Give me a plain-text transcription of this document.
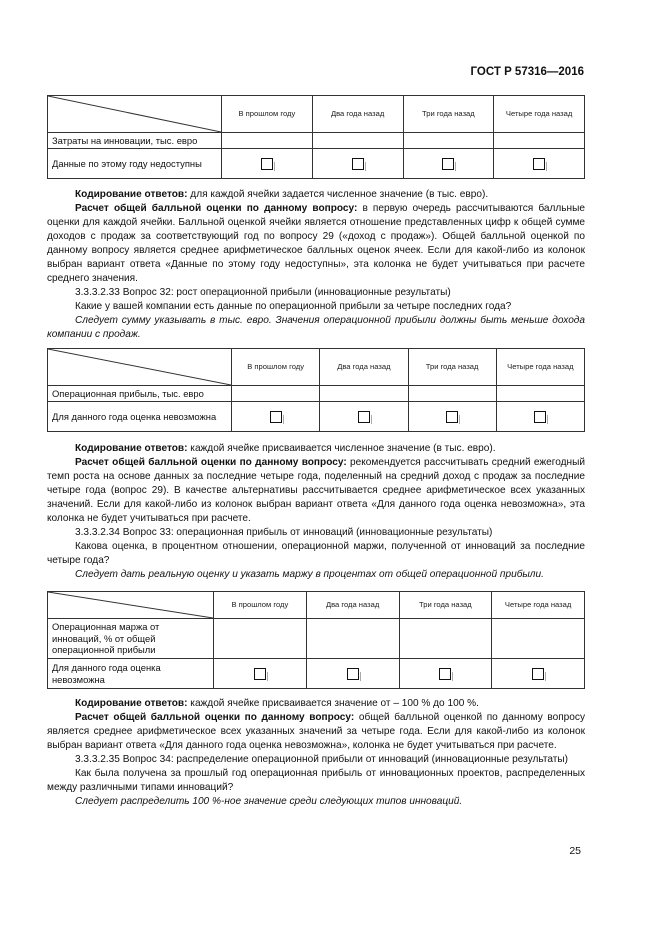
ГОСТ Р 57316—2016
	В прошлом году	Два года назад	Три года назад	Четыре года назад
Затраты на инновации, тыс. евро				
Данные по этому году недоступны				

Кодирование ответов: для каждой ячейки задается численное значение (в тыс. евро).

Расчет общей балльной оценки по данному вопросу: в первую очередь рассчитываются балльные оценки для каждой ячейки. Балльной оценкой ячейки является отношение представленных цифр к общей сумме доходов с продаж за соответствующий год по вопросу 29 («доход с продаж»). Общей балльной оценкой по данному вопросу является среднее арифметическое балльных оценок ячеек. Если для какой-либо из колонок выбран вариант ответа «Данные по этому году недоступны», эта колонка не будет учитываться при расчете среднего значения.

3.3.3.2.33 Вопрос 32: рост операционной прибыли (инновационные результаты)

Какие у вашей компании есть данные по операционной прибыли за четыре последних года?

Следует сумму указывать в тыс. евро. Значения операционной прибыли должны быть меньше дохода компании с продаж.

	В прошлом году	Два года назад	Три года назад	Четыре года назад
Операционная прибыль, тыс. евро				
Для данного года оценка невозможна				

Кодирование ответов: каждой ячейке присваивается численное значение (в тыс. евро).

Расчет общей балльной оценки по данному вопросу: рекомендуется рассчитывать средний ежегодный темп роста на основе данных за последние четыре года, поделенный на средний доход с продаж за последние четыре года (вопрос 29). В качестве альтернативы рассчитывается среднее арифметическое всех указанных значений. Если для какой-либо из колонок выбран вариант ответа «Для данного года оценка невозможна», эта колонка не будет учитываться при расчете.

3.3.3.2.34 Вопрос 33: операционная прибыль от инноваций (инновационные результаты)

Какова оценка, в процентном отношении, операционной маржи, полученной от инноваций за последние четыре года?

Следует дать реальную оценку и указать маржу в процентах от общей операционной прибыли.

	В прошлом году	Два года назад	Три года назад	Четыре года назад
Операционная маржа от инноваций, % от общей операционной прибыли				
Для данного года оценка невозможна				

Кодирование ответов: каждой ячейке присваивается значение от – 100 % до 100 %.

Расчет общей балльной оценки по данному вопросу: общей балльной оценкой по данному вопросу является среднее арифметическое всех указанных значений за четыре года. Если для какой-либо из колонок выбран вариант ответа «Для данного года оценка невозможна», колонка не будет учитываться при расчете.

3.3.3.2.35 Вопрос 34: распределение операционной прибыли от инноваций (инновационные результаты)

Как была получена за прошлый год операционная прибыль от инновационных проектов, распределенных между различными типами инноваций?

Следует распределить 100 %-ное значение среди следующих типов инноваций.

25
